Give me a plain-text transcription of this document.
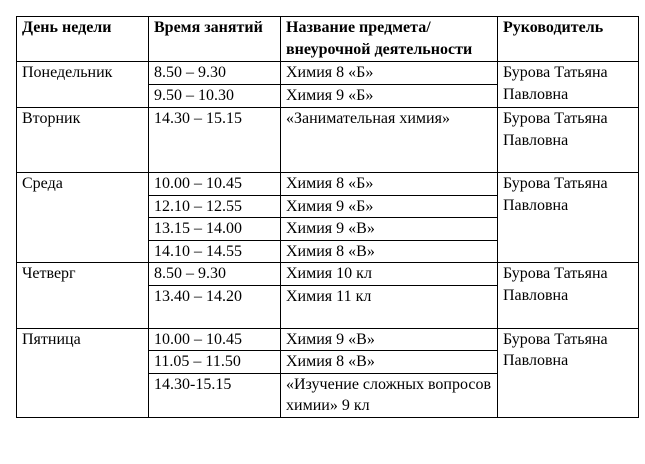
День недели	Время занятий	Название предмета/внеурочной деятельности	Руководитель
Понедельник	8.50 – 9.30	Химия 8 «Б»	Бурова Татьяна Павловна
	9.50 – 10.30	Химия 9 «Б»	
Вторник	14.30 – 15.15	«Занимательная химия»	Бурова Татьяна Павловна
Среда	10.00 – 10.45	Химия 8 «Б»	Бурова Татьяна Павловна
	12.10 – 12.55	Химия 9 «Б»	
	13.15 – 14.00	Химия 9 «В»	
	14.10 – 14.55	Химия 8 «В»	
Четверг	8.50 – 9.30	Химия 10 кл	Бурова Татьяна Павловна
	13.40 – 14.20	Химия 11 кл	
Пятница	10.00 – 10.45	Химия 9 «В»	Бурова Татьяна Павловна
	11.05 – 11.50	Химия 8 «В»	
	14.30-15.15	«Изучение сложных вопросов химии» 9 кл	
